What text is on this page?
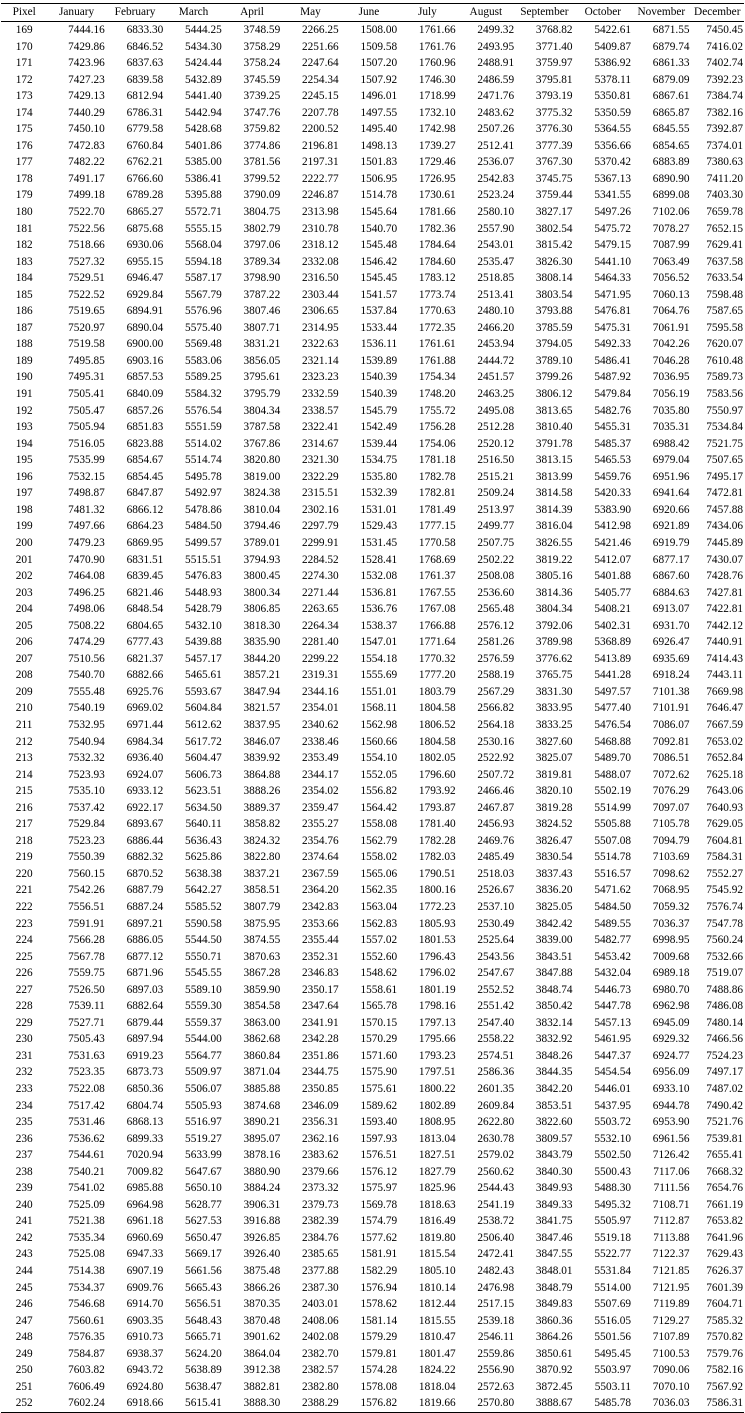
Pixel	January	February	March	April	May	June	July	August	September	October	November	December
169	7444.16	6833.30	5444.25	3748.59	2266.25	1508.00	1761.66	2499.32	3768.82	5422.61	6871.55	7450.45
170	7429.86	6846.52	5434.30	3758.29	2251.66	1509.58	1761.76	2493.95	3771.40	5409.87	6879.74	7416.02
171	7423.96	6837.63	5424.44	3758.24	2247.64	1507.20	1760.96	2488.91	3759.97	5386.92	6861.33	7402.74
172	7427.23	6839.58	5432.89	3745.59	2254.34	1507.92	1746.30	2486.59	3795.81	5378.11	6879.09	7392.23
173	7429.13	6812.94	5441.40	3739.25	2245.15	1496.01	1718.99	2471.76	3793.19	5350.81	6867.61	7384.74
174	7440.29	6786.31	5442.94	3747.76	2207.78	1497.55	1732.10	2483.62	3775.32	5350.59	6865.87	7382.16
175	7450.10	6779.58	5428.68	3759.82	2200.52	1495.40	1742.98	2507.26	3776.30	5364.55	6845.55	7392.87
176	7472.83	6760.84	5401.86	3774.86	2196.81	1498.13	1739.27	2512.41	3777.39	5356.66	6854.65	7374.01
177	7482.22	6762.21	5385.00	3781.56	2197.31	1501.83	1729.46	2536.07	3767.30	5370.42	6883.89	7380.63
178	7491.17	6766.60	5386.41	3799.52	2222.77	1506.95	1726.95	2542.83	3745.75	5367.13	6890.90	7411.20
179	7499.18	6789.28	5395.88	3790.09	2246.87	1514.78	1730.61	2523.24	3759.44	5341.55	6899.08	7403.30
180	7522.70	6865.27	5572.71	3804.75	2313.98	1545.64	1781.66	2580.10	3827.17	5497.26	7102.06	7659.78
181	7522.56	6875.68	5555.15	3802.79	2310.78	1540.70	1782.36	2557.90	3802.54	5475.72	7078.27	7652.15
182	7518.66	6930.06	5568.04	3797.06	2318.12	1545.48	1784.64	2543.01	3815.42	5479.15	7087.99	7629.41
183	7527.32	6955.15	5594.18	3789.34	2332.08	1546.42	1784.60	2535.47	3826.30	5441.10	7063.49	7637.58
184	7529.51	6946.47	5587.17	3798.90	2316.50	1545.45	1783.12	2518.85	3808.14	5464.33	7056.52	7633.54
185	7522.52	6929.84	5567.79	3787.22	2303.44	1541.57	1773.74	2513.41	3803.54	5471.95	7060.13	7598.48
186	7519.65	6894.91	5576.96	3807.46	2306.65	1537.84	1770.63	2480.10	3793.88	5476.81	7064.76	7587.65
187	7520.97	6890.04	5575.40	3807.71	2314.95	1533.44	1772.35	2466.20	3785.59	5475.31	7061.91	7595.58
188	7519.58	6900.00	5569.48	3831.21	2322.63	1536.11	1761.61	2453.94	3794.05	5492.33	7042.26	7620.07
189	7495.85	6903.16	5583.06	3856.05	2321.14	1539.89	1761.88	2444.72	3789.10	5486.41	7046.28	7610.48
190	7495.31	6857.53	5589.25	3795.61	2323.23	1540.39	1754.34	2451.57	3799.26	5487.92	7036.95	7589.73
191	7505.41	6840.09	5584.32	3795.79	2332.59	1540.39	1748.20	2463.25	3806.12	5479.84	7056.19	7583.56
192	7505.47	6857.26	5576.54	3804.34	2338.57	1545.79	1755.72	2495.08	3813.65	5482.76	7035.80	7550.97
193	7505.94	6851.83	5551.59	3787.58	2322.41	1542.49	1756.28	2512.28	3810.40	5455.31	7035.31	7534.84
194	7516.05	6823.88	5514.02	3767.86	2314.67	1539.44	1754.06	2520.12	3791.78	5485.37	6988.42	7521.75
195	7535.99	6854.67	5514.74	3820.80	2321.30	1534.75	1781.18	2516.50	3813.15	5465.53	6979.04	7507.65
196	7532.15	6854.45	5495.78	3819.00	2322.29	1535.80	1782.78	2515.21	3813.99	5459.76	6951.96	7495.17
197	7498.87	6847.87	5492.97	3824.38	2315.51	1532.39	1782.81	2509.24	3814.58	5420.33	6941.64	7472.81
198	7481.32	6866.12	5478.86	3810.04	2302.16	1531.01	1781.49	2513.97	3814.39	5383.90	6920.66	7457.88
199	7497.66	6864.23	5484.50	3794.46	2297.79	1529.43	1777.15	2499.77	3816.04	5412.98	6921.89	7434.06
200	7479.23	6869.95	5499.57	3789.01	2299.91	1531.45	1770.58	2507.75	3826.55	5421.46	6919.79	7445.89
201	7470.90	6831.51	5515.51	3794.93	2284.52	1528.41	1768.69	2502.22	3819.22	5412.07	6877.17	7430.07
202	7464.08	6839.45	5476.83	3800.45	2274.30	1532.08	1761.37	2508.08	3805.16	5401.88	6867.60	7428.76
203	7496.25	6821.46	5448.93	3800.34	2271.44	1536.81	1767.55	2536.60	3814.36	5405.77	6884.63	7427.81
204	7498.06	6848.54	5428.79	3806.85	2263.65	1536.76	1767.08	2565.48	3804.34	5408.21	6913.07	7422.81
205	7508.22	6804.65	5432.10	3818.30	2264.34	1538.37	1766.88	2576.12	3792.06	5402.31	6931.70	7442.12
206	7474.29	6777.43	5439.88	3835.90	2281.40	1547.01	1771.64	2581.26	3789.98	5368.89	6926.47	7440.91
207	7510.56	6821.37	5457.17	3844.20	2299.22	1554.18	1770.32	2576.59	3776.62	5413.89	6935.69	7414.43
208	7540.70	6882.66	5465.61	3857.21	2319.31	1555.69	1777.20	2588.19	3765.75	5441.28	6918.24	7443.11
209	7555.48	6925.76	5593.67	3847.94	2344.16	1551.01	1803.79	2567.29	3831.30	5497.57	7101.38	7669.98
210	7540.19	6969.02	5604.84	3821.57	2354.01	1568.11	1804.58	2566.82	3833.95	5477.40	7101.91	7646.47
211	7532.95	6971.44	5612.62	3837.95	2340.62	1562.98	1806.52	2564.18	3833.25	5476.54	7086.07	7667.59
212	7540.94	6984.34	5617.72	3846.07	2338.46	1560.66	1804.58	2530.16	3827.60	5468.88	7092.81	7653.02
213	7532.32	6936.40	5604.47	3839.92	2353.49	1554.10	1802.05	2522.92	3825.07	5489.70	7086.51	7652.84
214	7523.93	6924.07	5606.73	3864.88	2344.17	1552.05	1796.60	2507.72	3819.81	5488.07	7072.62	7625.18
215	7535.10	6933.12	5623.51	3888.26	2354.02	1556.82	1793.92	2466.46	3820.10	5502.19	7076.29	7643.06
216	7537.42	6922.17	5634.50	3889.37	2359.47	1564.42	1793.87	2467.87	3819.28	5514.99	7097.07	7640.93
217	7529.84	6893.67	5640.11	3858.82	2355.27	1558.08	1781.40	2456.93	3824.52	5505.88	7105.78	7629.05
218	7523.23	6886.44	5636.43	3824.32	2354.76	1562.79	1782.28	2469.76	3826.47	5507.08	7094.79	7604.81
219	7550.39	6882.32	5625.86	3822.80	2374.64	1558.02	1782.03	2485.49	3830.54	5514.78	7103.69	7584.31
220	7560.15	6870.52	5638.38	3837.21	2367.59	1565.06	1790.51	2518.03	3837.43	5516.57	7098.62	7552.27
221	7542.26	6887.79	5642.27	3858.51	2364.20	1562.35	1800.16	2526.67	3836.20	5471.62	7068.95	7545.92
222	7556.51	6887.24	5585.52	3807.79	2342.83	1563.04	1772.23	2537.10	3825.05	5484.50	7059.32	7576.74
223	7591.91	6897.21	5590.58	3875.95	2353.66	1562.83	1805.93	2530.49	3842.42	5489.55	7036.37	7547.78
224	7566.28	6886.05	5544.50	3874.55	2355.44	1557.02	1801.53	2525.64	3839.00	5482.77	6998.95	7560.24
225	7567.78	6877.12	5550.71	3870.63	2352.31	1552.60	1796.43	2543.56	3843.51	5453.42	7009.68	7532.66
226	7559.75	6871.96	5545.55	3867.28	2346.83	1548.62	1796.02	2547.67	3847.88	5432.04	6989.18	7519.07
227	7526.50	6897.03	5589.10	3859.90	2350.17	1558.61	1801.19	2552.52	3848.74	5446.73	6980.70	7488.86
228	7539.11	6882.64	5559.30	3854.58	2347.64	1565.78	1798.16	2551.42	3850.42	5447.78	6962.98	7486.08
229	7527.71	6879.44	5559.37	3863.00	2341.91	1570.15	1797.13	2547.40	3832.14	5457.13	6945.09	7480.14
230	7505.43	6897.94	5544.00	3862.68	2342.28	1570.29	1795.66	2558.22	3832.92	5461.95	6929.32	7466.56
231	7531.63	6919.23	5564.77	3860.84	2351.86	1571.60	1793.23	2574.51	3848.26	5447.37	6924.77	7524.23
232	7523.35	6873.73	5509.97	3871.04	2344.75	1575.90	1797.51	2586.36	3844.35	5454.54	6956.09	7497.17
233	7522.08	6850.36	5506.07	3885.88	2350.85	1575.61	1800.22	2601.35	3842.20	5446.01	6933.10	7487.02
234	7517.42	6804.74	5505.93	3874.68	2346.09	1589.62	1802.89	2609.84	3853.51	5437.95	6944.78	7490.42
235	7531.46	6868.13	5516.97	3890.21	2356.31	1593.40	1808.95	2622.80	3822.60	5503.72	6953.90	7521.76
236	7536.62	6899.33	5519.27	3895.07	2362.16	1597.93	1813.04	2630.78	3809.57	5532.10	6961.56	7539.81
237	7544.61	7020.94	5633.99	3878.16	2383.62	1576.51	1827.51	2579.02	3843.79	5502.50	7126.42	7655.41
238	7540.21	7009.82	5647.67	3880.90	2379.66	1576.12	1827.79	2560.62	3840.30	5500.43	7117.06	7668.32
239	7541.02	6985.88	5650.10	3884.24	2373.32	1575.97	1825.96	2544.43	3849.93	5488.30	7111.56	7654.76
240	7525.09	6964.98	5628.77	3906.31	2379.73	1569.78	1818.63	2541.19	3849.33	5495.32	7108.71	7661.19
241	7521.38	6961.18	5627.53	3916.88	2382.39	1574.79	1816.49	2538.72	3841.75	5505.97	7112.87	7653.82
242	7535.34	6960.69	5650.47	3926.85	2384.76	1577.62	1819.80	2506.40	3847.46	5519.18	7113.88	7641.96
243	7525.08	6947.33	5669.17	3926.40	2385.65	1581.91	1815.54	2472.41	3847.55	5522.77	7122.37	7629.43
244	7514.38	6907.19	5661.56	3875.48	2377.88	1582.29	1805.10	2482.43	3848.01	5531.84	7121.85	7626.37
245	7534.37	6909.76	5665.43	3866.26	2387.30	1576.94	1810.14	2476.98	3848.79	5514.00	7121.95	7601.39
246	7546.68	6914.70	5656.51	3870.35	2403.01	1578.62	1812.44	2517.15	3849.83	5507.69	7119.89	7604.71
247	7560.61	6903.35	5648.43	3870.48	2408.06	1581.14	1815.55	2539.18	3860.36	5516.05	7129.27	7585.32
248	7576.35	6910.73	5665.71	3901.62	2402.08	1579.29	1810.47	2546.11	3864.26	5501.56	7107.89	7570.82
249	7584.87	6938.37	5624.20	3864.04	2382.70	1579.81	1801.47	2559.86	3850.61	5495.45	7100.53	7579.76
250	7603.82	6943.72	5638.89	3912.38	2382.57	1574.28	1824.22	2556.90	3870.92	5503.97	7090.06	7582.16
251	7606.49	6924.80	5638.47	3882.81	2382.80	1578.08	1818.04	2572.63	3872.45	5503.11	7070.10	7567.92
252	7602.24	6918.66	5615.41	3888.30	2388.29	1576.82	1819.66	2570.80	3888.67	5485.78	7036.03	7586.31
